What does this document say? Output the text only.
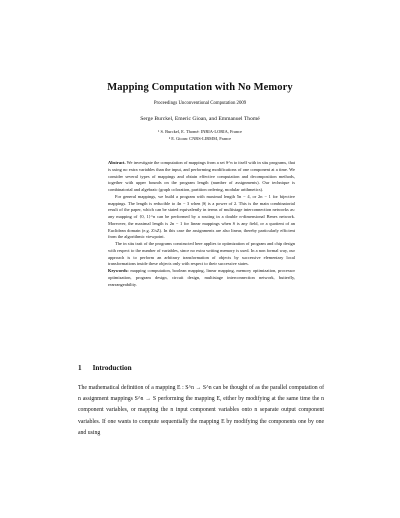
Mapping Computation with No Memory
Proceedings Unconventional Computation 2009
Serge Burckel, Emeric Gioan, and Emmanuel Thomé
¹ S. Burckel, E. Thomé: INRIA-LORIA, France
² E. Gioan: CNRS-LIRMM, France

Abstract. We investigate the computation of mappings from a set S^n to itself with in situ programs, that is using no extra variables than the input, and performing modifications of one component at a time. We consider several types of mappings and obtain effective computation and decomposition methods, together with upper bounds on the program length (number of assignments). Our technique is combinatorial and algebraic (graph coloration, partition ordering, modular arithmetics).

For general mappings, we build a program with maximal length 5n − 4, or 2n − 1 for bijective mappings. The length is reducible to 4n − 3 when |S| is a power of 2. This is the main combinatorial result of the paper, which can be stated equivalently in terms of multistage interconnection networks as: any mapping of {0, 1}^n can be performed by a routing in a double n-dimensional Benes network. Moreover, the maximal length is 2n − 1 for linear mappings when S is any field, or a quotient of an Euclidean domain (e.g. Z/sZ). In this case the assignments are also linear, thereby particularly efficient from the algorithmic viewpoint.

The in situ trait of the programs constructed here applies to optimization of program and chip design with respect to the number of variables, since no extra writing memory is used. In a non formal way, our approach is to perform an arbitrary transformation of objects by successive elementary local transformations inside these objects only with respect to their successive states.

Keywords: mapping computation, boolean mapping, linear mapping, memory optimization, processor optimization, program design, circuit design, multistage interconnection network, butterfly, rearrangeability.

1 Introduction

The mathematical definition of a mapping E : S^n → S^n can be thought of as the parallel computation of n assignment mappings S^n → S performing the mapping E, either by modifying at the same time the n component variables, or mapping the n input component variables onto n separate output component variables. If one wants to compute sequentially the mapping E by modifying the components one by one and using
